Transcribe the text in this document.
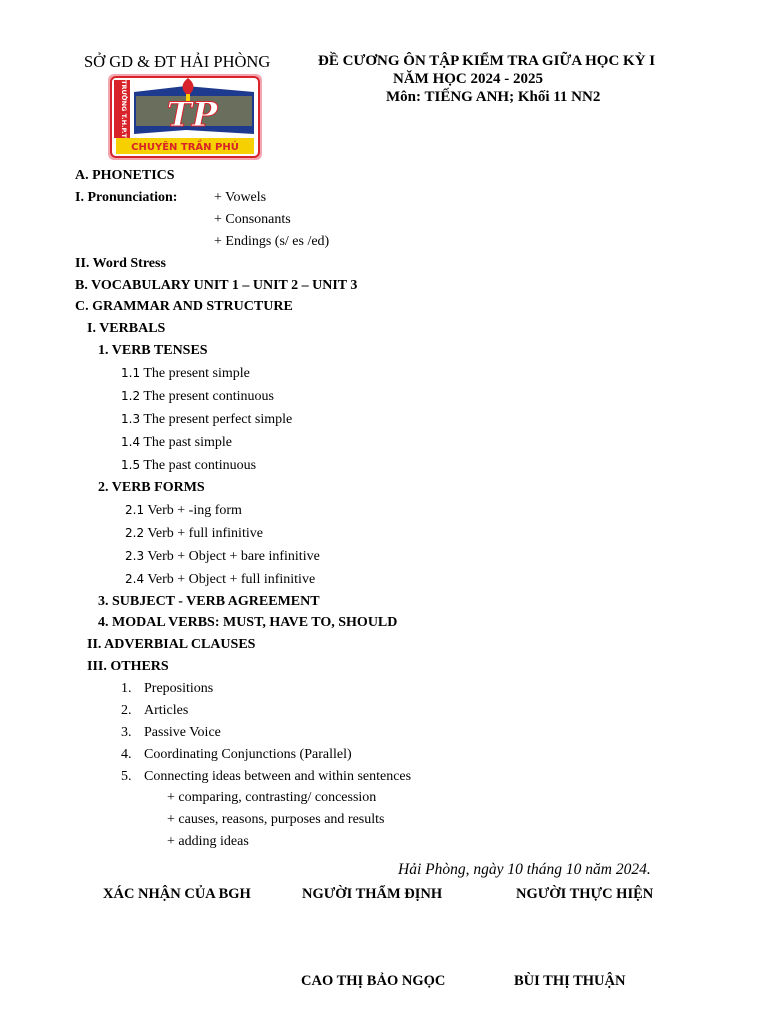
SỞ GD & ĐT HẢI PHÒNG	ĐỀ CƯƠNG ÔN TẬP KIỂM TRA GIỮA HỌC KỲ I
NĂM HỌC 2024 - 2025
Môn: TIẾNG ANH; Khối 11 NN2
TRƯỜNG T.H.P.T TP
CHUYÊN TRẦN PHÚ
A. PHONETICS
I. Pronunciation:	+ Vowels
+ Consonants
+ Endings (s/ es /ed)
II. Word Stress
B. VOCABULARY UNIT 1 – UNIT 2 – UNIT 3
C. GRAMMAR AND STRUCTURE
I. VERBALS
1. VERB TENSES
1.1 The present simple
1.2 The present continuous
1.3 The present perfect simple
1.4 The past simple
1.5 The past continuous
2. VERB FORMS
2.1 Verb + -ing form
2.2 Verb + full infinitive
2.3 Verb + Object + bare infinitive
2.4 Verb + Object + full infinitive
3. SUBJECT - VERB AGREEMENT
4. MODAL VERBS: MUST, HAVE TO, SHOULD
II. ADVERBIAL CLAUSES
III. OTHERS
1. Prepositions
2. Articles
3. Passive Voice
4. Coordinating Conjunctions (Parallel)
5. Connecting ideas between and within sentences
+ comparing, contrasting/ concession
+ causes, reasons, purposes and results
+ adding ideas
Hải Phòng, ngày 10 tháng 10 năm 2024.
XÁC NHẬN CỦA BGH	NGƯỜI THẨM ĐỊNH	NGƯỜI THỰC HIỆN
CAO THỊ BẢO NGỌC	BÙI THỊ THUẬN
